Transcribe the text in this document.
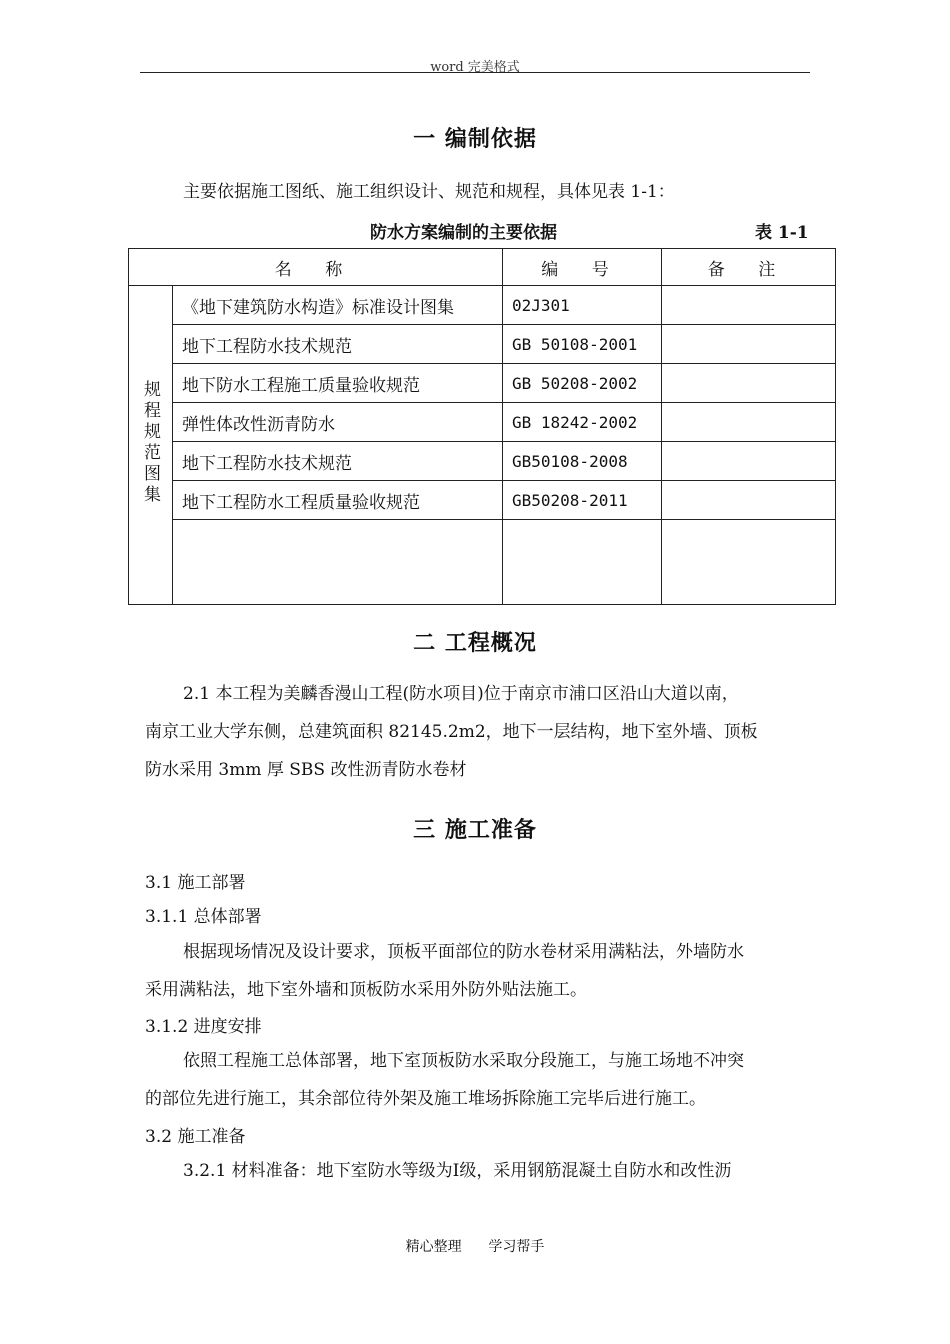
word 完美格式
一 编制依据
主要依据施工图纸、施工组织设计、规范和规程，具体见表 1-1：
防水方案编制的主要依据	表 1-1
名 称		编 号	备 注
规程规范图集	《地下建筑防水构造》标准设计图集	02J301	
	地下工程防水技术规范	GB 50108-2001	
	地下防水工程施工质量验收规范	GB 50208-2002	
	弹性体改性沥青防水	GB 18242-2002	
	地下工程防水技术规范	GB50108-2008	
	地下工程防水工程质量验收规范	GB50208-2011	

二 工程概况
2.1 本工程为美麟香漫山工程(防水项目)位于南京市浦口区沿山大道以南，
南京工业大学东侧，总建筑面积 82145.2m2，地下一层结构，地下室外墙、顶板
防水采用 3mm 厚 SBS 改性沥青防水卷材
三 施工准备
3.1 施工部署
3.1.1 总体部署
根据现场情况及设计要求，顶板平面部位的防水卷材采用满粘法，外墙防水
采用满粘法，地下室外墙和顶板防水采用外防外贴法施工。
3.1.2 进度安排
依照工程施工总体部署，地下室顶板防水采取分段施工，与施工场地不冲突
的部位先进行施工，其余部位待外架及施工堆场拆除施工完毕后进行施工。
3.2 施工准备
3.2.1 材料准备：地下室防水等级为Ⅰ级，采用钢筋混凝土自防水和改性沥
精心整理      学习帮手
